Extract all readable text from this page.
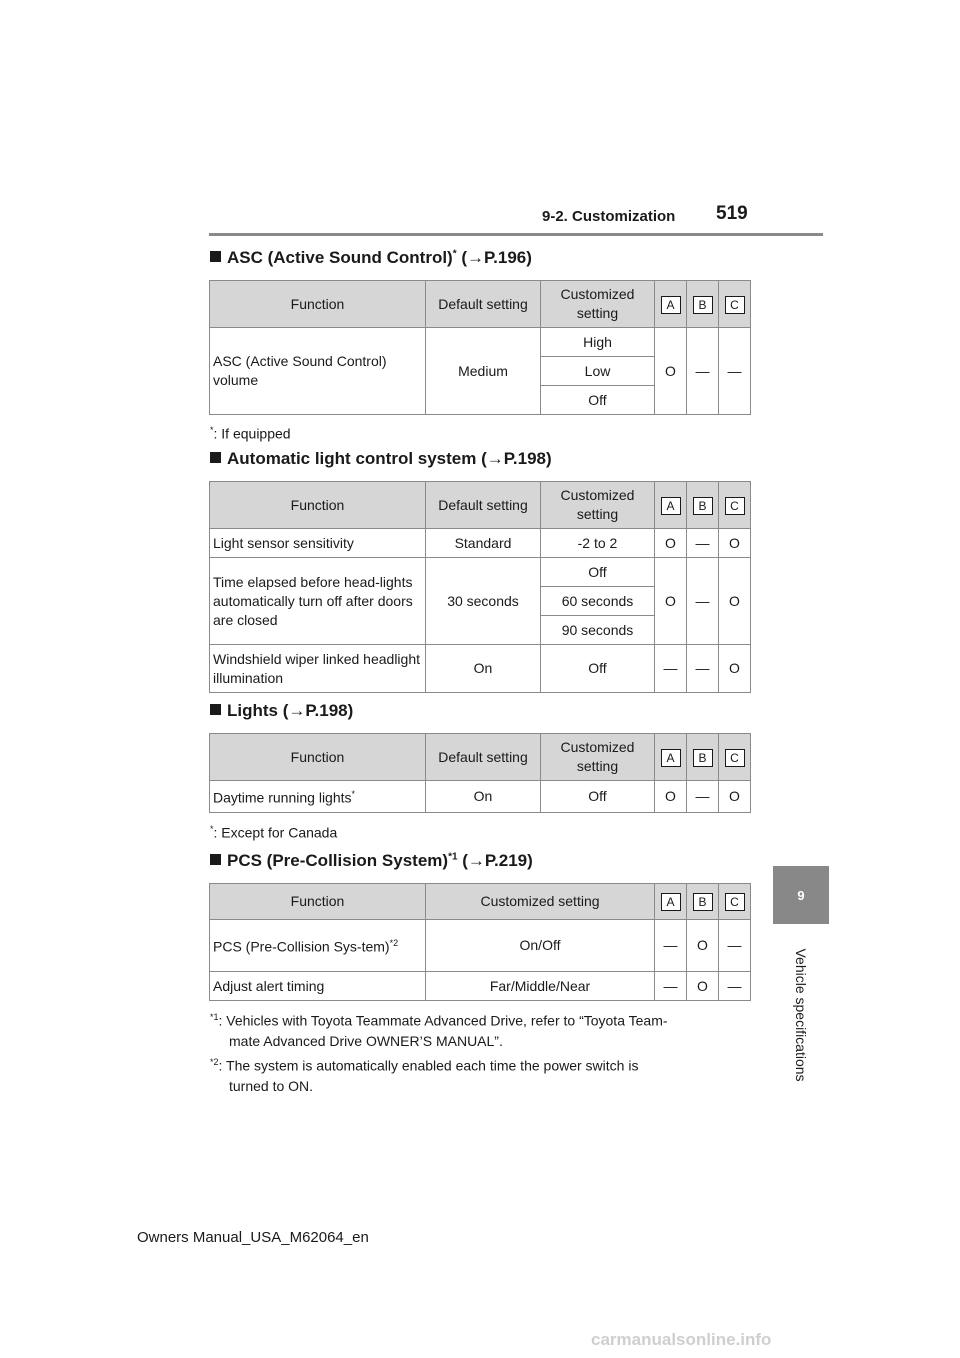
9-2. Customization 519
9
Vehicle specifications
ASC (Active Sound Control)* (→P.196)
Function	Default setting	Customized setting	A	B	C
ASC (Active Sound Control) volume	Medium	High	O	—	—
		Low			
		Off			
*: If equipped
Automatic light control system (→P.198)
Function	Default setting	Customized setting	A	B	C
Light sensor sensitivity	Standard	-2 to 2	O	—	O
Time elapsed before head-lights automatically turn off after doors are closed	30 seconds	Off	O	—	O
		60 seconds			
		90 seconds			
Windshield wiper linked headlight illumination	On	Off	—	—	O
Lights (→P.198)
Function	Default setting	Customized setting	A	B	C
Daytime running lights*	On	Off	O	—	O
*: Except for Canada
PCS (Pre-Collision System)$^{*1}$ (→P.219)
Function	Customized setting	A	B	C
PCS (Pre-Collision Sys-tem)$^{*2}$	On/Off	—	O	—
Adjust alert timing	Far/Middle/Near	—	O	—
$^{*1}$: Vehicles with Toyota Teammate Advanced Drive, refer to “Toyota Team-
mate Advanced Drive OWNER’S MANUAL”.
$^{*2}$: The system is automatically enabled each time the power switch is
turned to ON.
Owners Manual_USA_M62064_en
carmanualsonline.info
